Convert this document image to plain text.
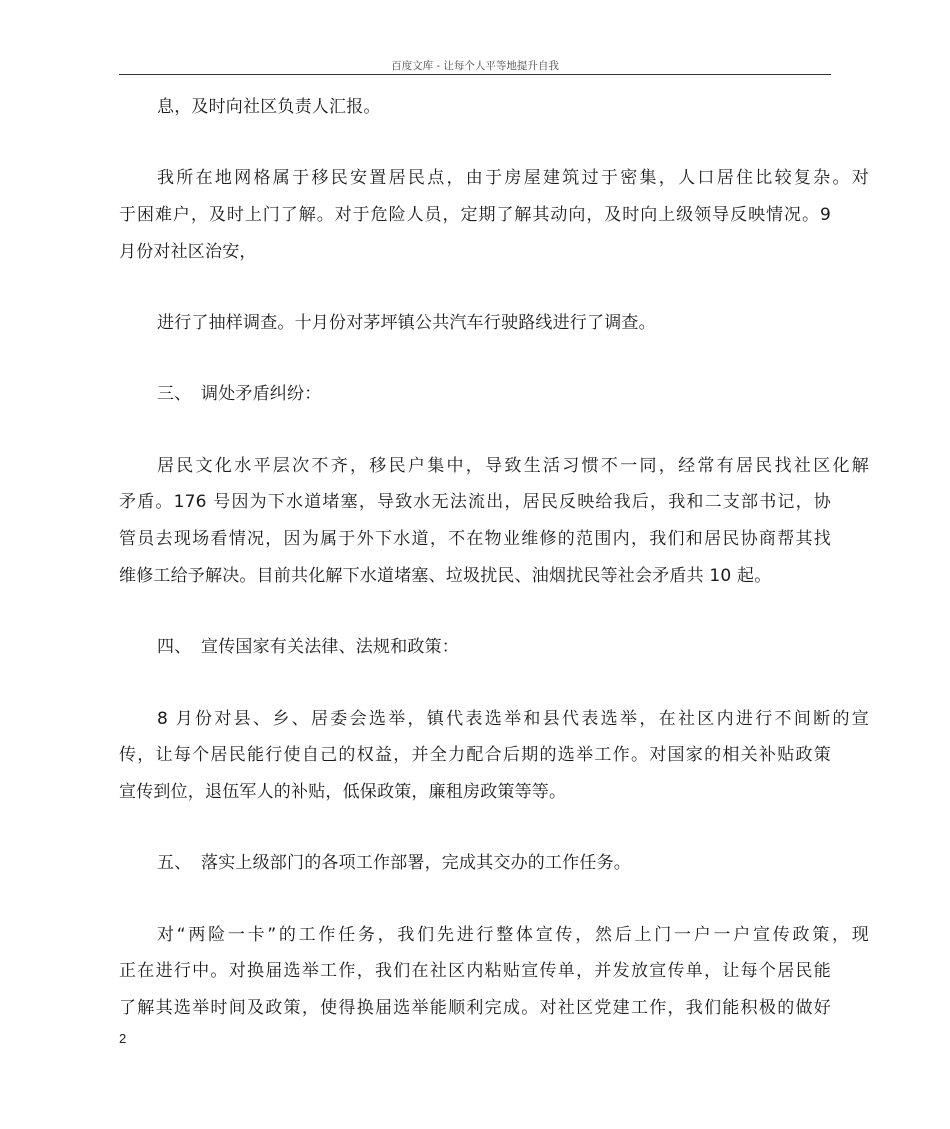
百度文库 - 让每个人平等地提升自我
息，及时向社区负责人汇报。
我所在地网格属于移民安置居民点，由于房屋建筑过于密集，人口居住比较复杂。对
于困难户，及时上门了解。对于危险人员，定期了解其动向，及时向上级领导反映情况。9
月份对社区治安，
进行了抽样调查。十月份对茅坪镇公共汽车行驶路线进行了调查。
三、 调处矛盾纠纷：
居民文化水平层次不齐，移民户集中，导致生活习惯不一同，经常有居民找社区化解
矛盾。176 号因为下水道堵塞，导致水无法流出，居民反映给我后，我和二支部书记，协
管员去现场看情况，因为属于外下水道，不在物业维修的范围内，我们和居民协商帮其找
维修工给予解决。目前共化解下水道堵塞、垃圾扰民、油烟扰民等社会矛盾共 10 起。
四、 宣传国家有关法律、法规和政策：
8 月份对县、乡、居委会选举，镇代表选举和县代表选举，在社区内进行不间断的宣
传，让每个居民能行使自己的权益，并全力配合后期的选举工作。对国家的相关补贴政策
宣传到位，退伍军人的补贴，低保政策，廉租房政策等等。
五、 落实上级部门的各项工作部署，完成其交办的工作任务。
对“两险一卡”的工作任务，我们先进行整体宣传，然后上门一户一户宣传政策，现
正在进行中。对换届选举工作，我们在社区内粘贴宣传单，并发放宣传单，让每个居民能
了解其选举时间及政策，使得换届选举能顺利完成。对社区党建工作，我们能积极的做好
2
